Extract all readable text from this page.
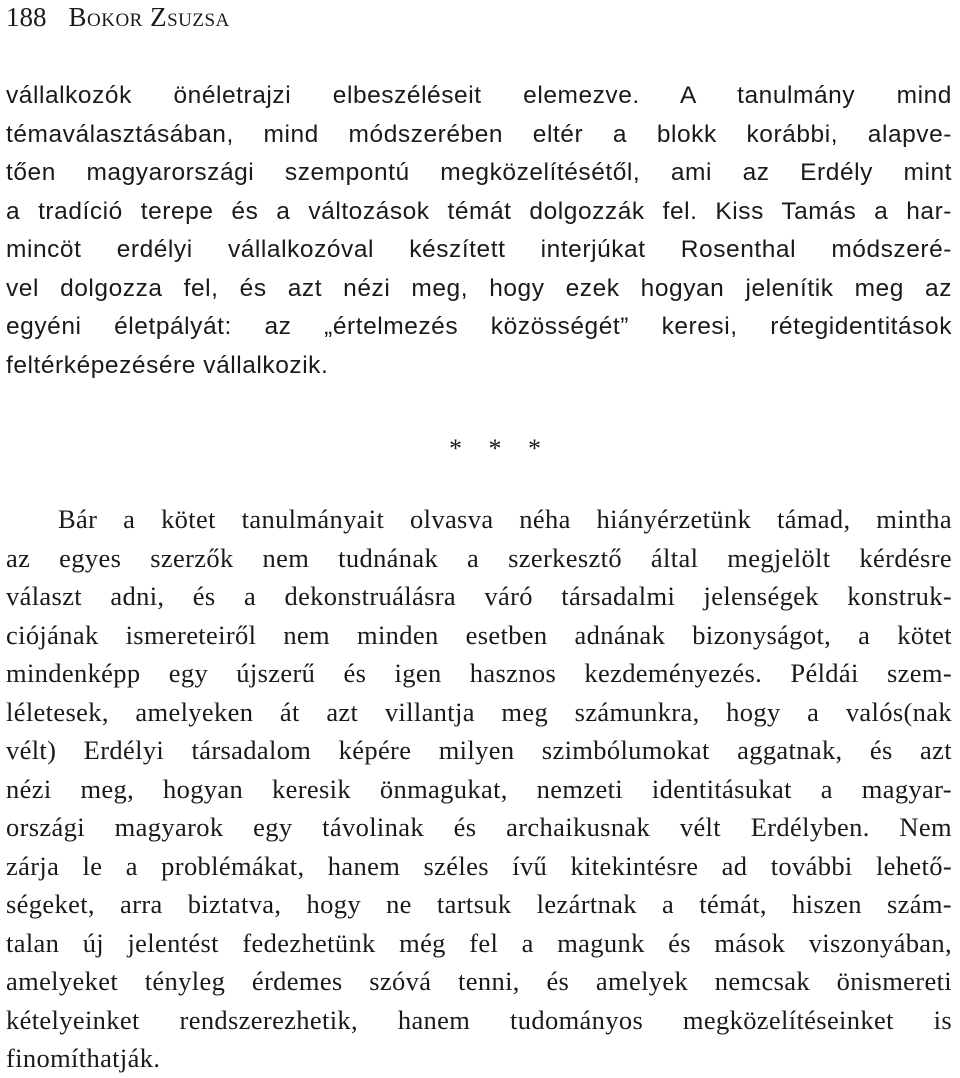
188 Bokor Zsuzsa
vállalkozók önéletrajzi elbeszéléseit elemezve. A tanulmány mind
témaválasztásában, mind módszerében eltér a blokk korábbi, alapve-
tően magyarországi szempontú megközelítésétől, ami az Erdély mint
a tradíció terepe és a változások témát dolgozzák fel. Kiss Tamás a har-
mincöt erdélyi vállalkozóval készített interjúkat Rosenthal módszeré-
vel dolgozza fel, és azt nézi meg, hogy ezek hogyan jelenítik meg az
egyéni életpályát: az „értelmezés közösségét” keresi, rétegidentitások
feltérképezésére vállalkozik.
* * *
Bár a kötet tanulmányait olvasva néha hiányérzetünk támad, mintha
az egyes szerzők nem tudnának a szerkesztő által megjelölt kérdésre
választ adni, és a dekonstruálásra váró társadalmi jelenségek konstruk-
ciójának ismereteiről nem minden esetben adnának bizonyságot, a kötet
mindenképp egy újszerű és igen hasznos kezdeményezés. Példái szem-
léletesek, amelyeken át azt villantja meg számunkra, hogy a valós(nak
vélt) Erdélyi társadalom képére milyen szimbólumokat aggatnak, és azt
nézi meg, hogyan keresik önmagukat, nemzeti identitásukat a magyar-
országi magyarok egy távolinak és archaikusnak vélt Erdélyben. Nem
zárja le a problémákat, hanem széles ívű kitekintésre ad további lehető-
ségeket, arra biztatva, hogy ne tartsuk lezártnak a témát, hiszen szám-
talan új jelentést fedezhetünk még fel a magunk és mások viszonyában,
amelyeket tényleg érdemes szóvá tenni, és amelyek nemcsak önismereti
kételyeinket rendszerezhetik, hanem tudományos megközelítéseinket is
finomíthatják.
